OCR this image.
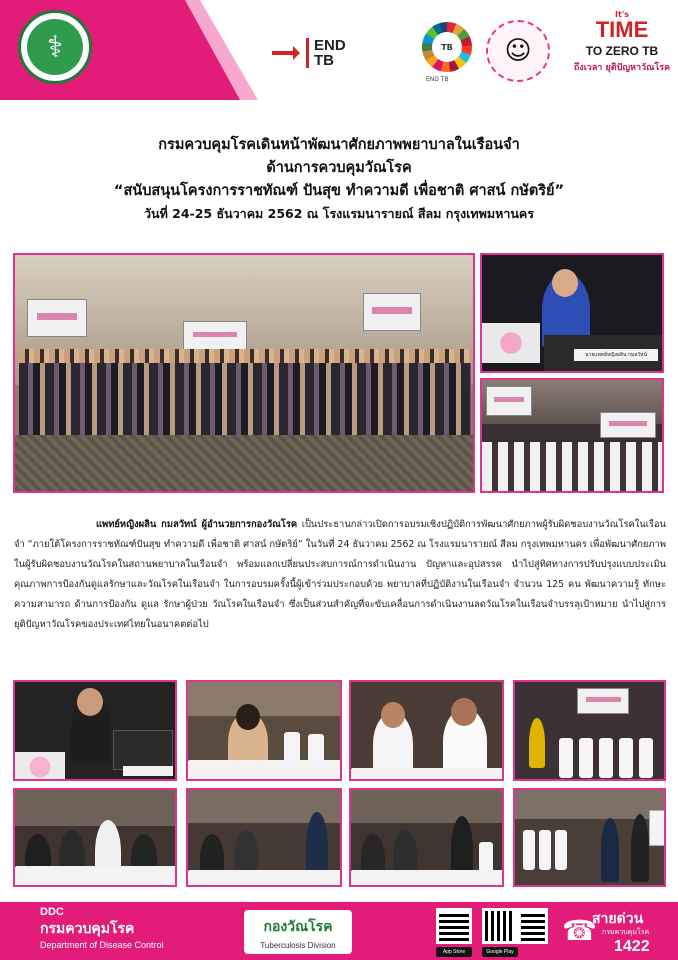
⚕	END
TB
TB
END TB
☺
It's
TIME
TO ZERO TB
ถึงเวลา ยุติปัญหาวัณโรค
กรมควบคุมโรคเดินหน้าพัฒนาศักยภาพพยาบาลในเรือนจำ
ด้านการควบคุมวัณโรค
“สนับสนุนโครงการราชทัณฑ์ ปันสุข ทำความดี เพื่อชาติ ศาสน์ กษัตริย์”
วันที่ 24-25 ธันวาคม 2562 ณ โรงแรมนารายณ์ สีลม กรุงเทพมหานคร
นายแพทย์หญิงผลิน กมลวัทน์

แพทย์หญิงผลิน กมลวัทน์ ผู้อำนวยการกองวัณโรค เป็นประธานกล่าวเปิดการอบรมเชิงปฏิบัติการพัฒนาศักยภาพผู้รับผิดชอบงานวัณโรคในเรือนจำ “ภายใต้โครงการราชทัณฑ์ปันสุข ทำความดี เพื่อชาติ ศาสน์ กษัตริย์” ในวันที่ 24 ธันวาคม 2562 ณ โรงแรมนารายณ์ สีลม กรุงเทพมหานคร เพื่อพัฒนาศักยภาพในผู้รับผิดชอบงานวัณโรคในสถานพยาบาลในเรือนจำ พร้อมแลกเปลี่ยนประสบการณ์การดำเนินงาน ปัญหาและอุปสรรค นำไปสู่ทิศทางการปรับปรุงแบบประเมินคุณภาพการป้องกันดูแลรักษาและวัณโรคในเรือนจำ ในการอบรมครั้งนี้ผู้เข้าร่วมประกอบด้วย พยาบาลที่ปฏิบัติงานในเรือนจำ จำนวน 125 คน พัฒนาความรู้ ทักษะ ความสามารถ ด้านการป้องกัน ดูแล รักษาผู้ป่วย วัณโรคในเรือนจำ ซึ่งเป็นส่วนสำคัญที่จะขับเคลื่อนการดำเนินงานลดวัณโรคในเรือนจำบรรลุเป้าหมาย นำไปสู่การยุติปัญหาวัณโรคของประเทศไทยในอนาคตต่อไป

DDC
กรมควบคุมโรค
Department of Disease Control
กองวัณโรค
Tuberculosis Division
App Store	Google Play
☎
สายด่วน
กรมควบคุมโรค
1422
